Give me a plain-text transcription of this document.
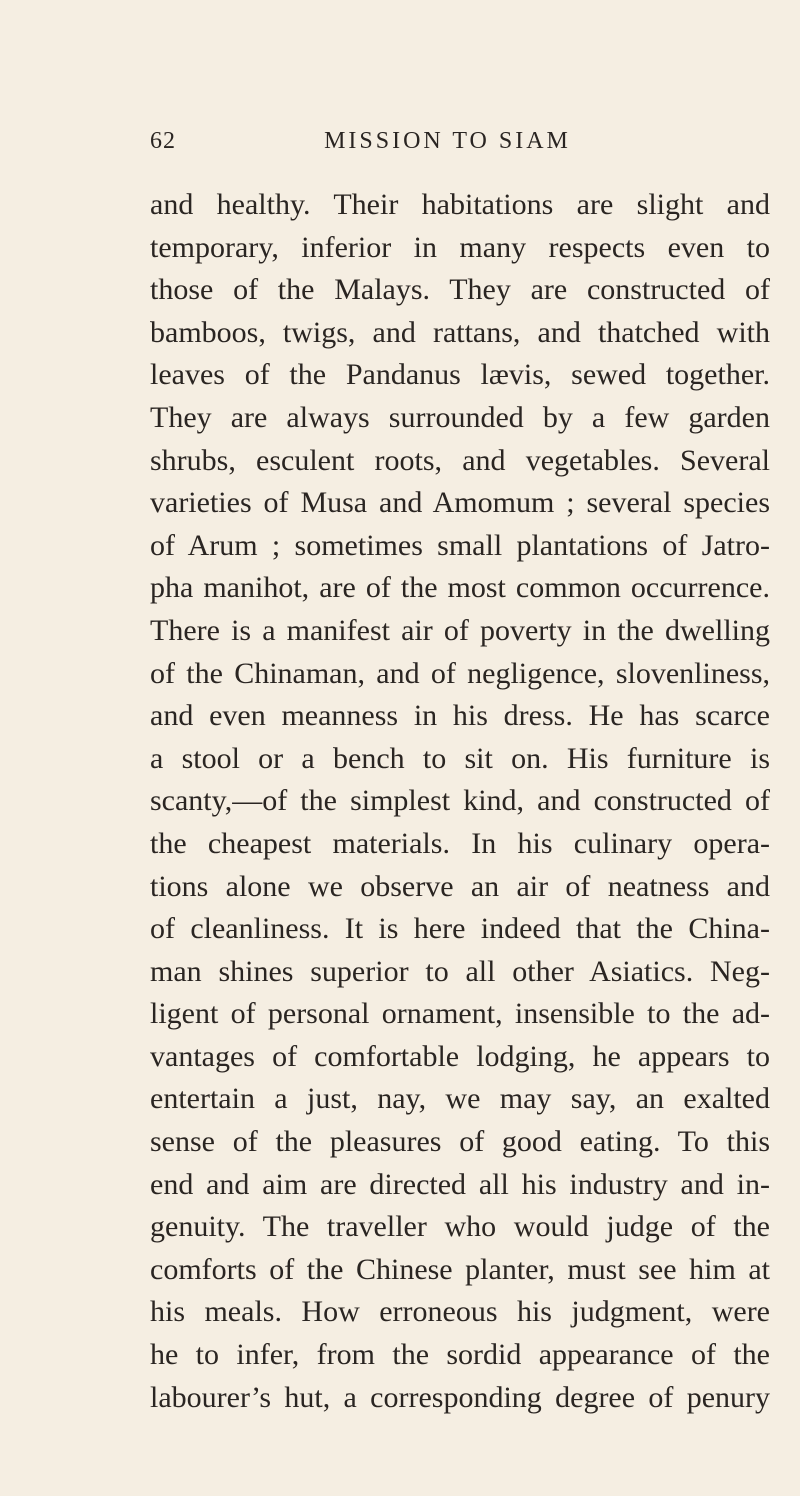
62	MISSION TO SIAM
and healthy. Their habitations are slight and
temporary, inferior in many respects even to
those of the Malays. They are constructed of
bamboos, twigs, and rattans, and thatched with
leaves of the Pandanus lævis, sewed together.
They are always surrounded by a few garden
shrubs, esculent roots, and vegetables. Several
varieties of Musa and Amomum ; several species
of Arum ; sometimes small plantations of Jatro-
pha manihot, are of the most common occurrence.
There is a manifest air of poverty in the dwelling
of the Chinaman, and of negligence, slovenliness,
and even meanness in his dress. He has scarce
a stool or a bench to sit on. His furniture is
scanty,—of the simplest kind, and constructed of
the cheapest materials. In his culinary opera-
tions alone we observe an air of neatness and
of cleanliness. It is here indeed that the China-
man shines superior to all other Asiatics. Neg-
ligent of personal ornament, insensible to the ad-
vantages of comfortable lodging, he appears to
entertain a just, nay, we may say, an exalted
sense of the pleasures of good eating. To this
end and aim are directed all his industry and in-
genuity. The traveller who would judge of the
comforts of the Chinese planter, must see him at
his meals. How erroneous his judgment, were
he to infer, from the sordid appearance of the
labourer’s hut, a corresponding degree of penury
